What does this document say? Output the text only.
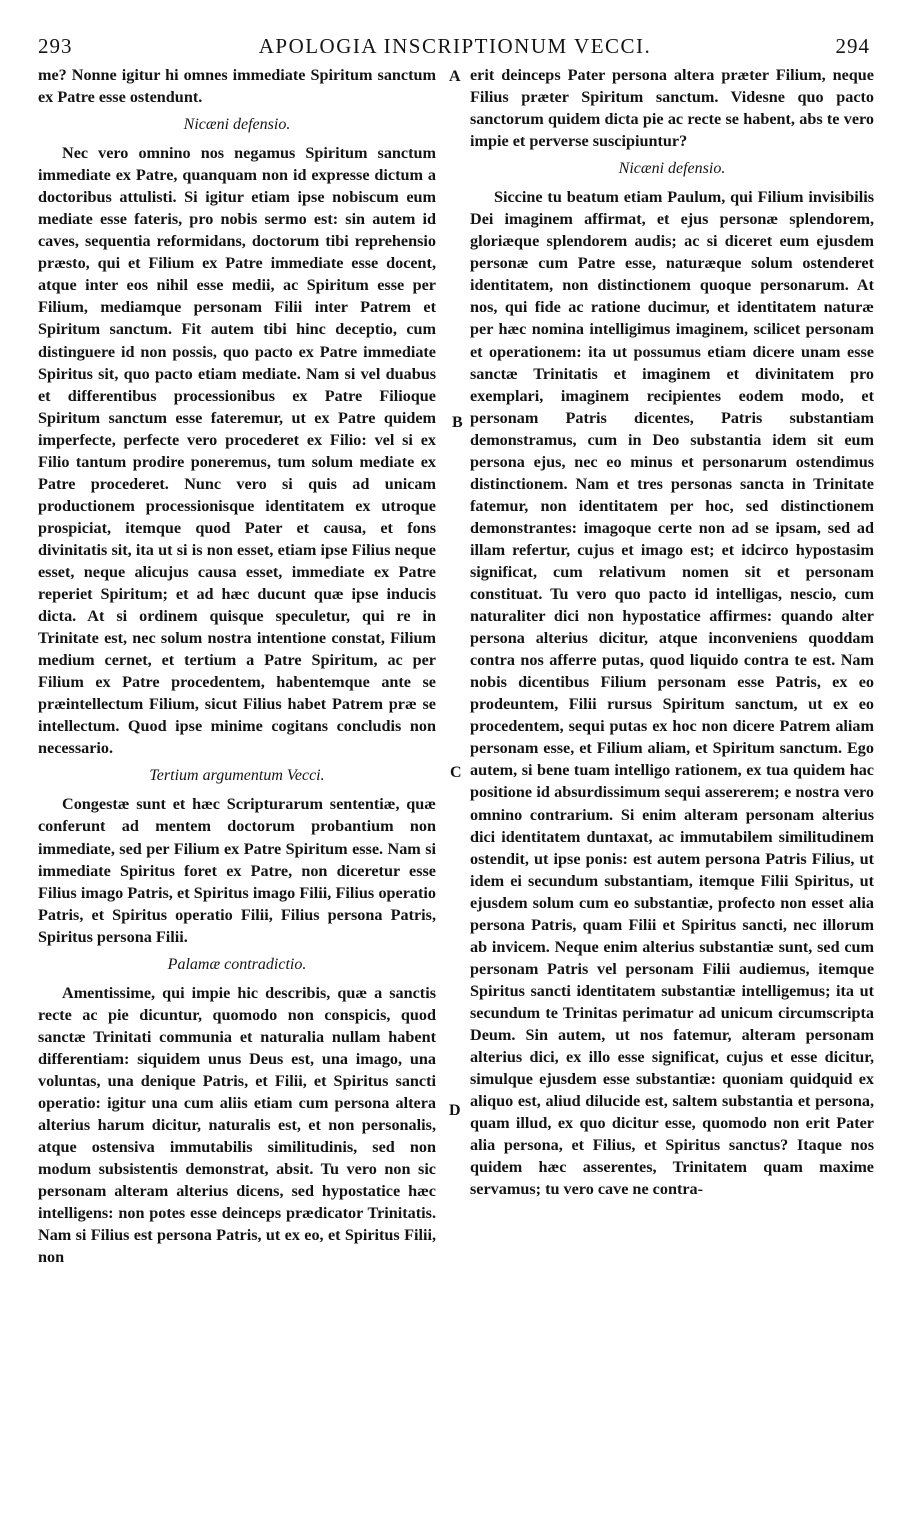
293	APOLOGIA INSCRIPTIONUM VECCI.	294
A
B
C
D

me? Nonne igitur hi omnes immediate Spiritum sanctum ex Patre esse ostendunt.

Nicæni defensio.

Nec vero omnino nos negamus Spiritum sanctum immediate ex Patre, quanquam non id expresse dictum a doctoribus attulisti. Si igitur etiam ipse nobiscum eum mediate esse fateris, pro nobis sermo est: sin autem id caves, sequentia reformidans, doctorum tibi reprehensio præsto, qui et Filium ex Patre immediate esse docent, atque inter eos nihil esse medii, ac Spiritum esse per Filium, mediamque personam Filii inter Patrem et Spiritum sanctum. Fit autem tibi hinc deceptio, cum distinguere id non possis, quo pacto ex Patre immediate Spiritus sit, quo pacto etiam mediate. Nam si vel duabus et differentibus processionibus ex Patre Filioque Spiritum sanctum esse fateremur, ut ex Patre quidem imperfecte, perfecte vero procederet ex Filio: vel si ex Filio tantum prodire poneremus, tum solum mediate ex Patre procederet. Nunc vero si quis ad unicam productionem processionisque identitatem ex utroque prospiciat, itemque quod Pater et causa, et fons divinitatis sit, ita ut si is non esset, etiam ipse Filius neque esset, neque alicujus causa esset, immediate ex Patre reperiet Spiritum; et ad hæc ducunt quæ ipse inducis dicta. At si ordinem quisque speculetur, qui re in Trinitate est, nec solum nostra intentione constat, Filium medium cernet, et tertium a Patre Spiritum, ac per Filium ex Patre procedentem, habentemque ante se præintellectum Filium, sicut Filius habet Patrem præ se intellectum. Quod ipse minime cogitans concludis non necessario.

Tertium argumentum Vecci.

Congestæ sunt et hæc Scripturarum sententiæ, quæ conferunt ad mentem doctorum probantium non immediate, sed per Filium ex Patre Spiritum esse. Nam si immediate Spiritus foret ex Patre, non diceretur esse Filius imago Patris, et Spiritus imago Filii, Filius operatio Patris, et Spiritus operatio Filii, Filius persona Patris, Spiritus persona Filii.

Palamæ contradictio.

Amentissime, qui impie hic describis, quæ a sanctis recte ac pie dicuntur, quomodo non conspicis, quod sanctæ Trinitati communia et naturalia nullam habent differentiam: siquidem unus Deus est, una imago, una voluntas, una denique Patris, et Filii, et Spiritus sancti operatio: igitur una cum aliis etiam cum persona altera alterius harum dicitur, naturalis est, et non personalis, atque ostensiva immutabilis similitudinis, sed non modum subsistentis demonstrat, absit. Tu vero non sic personam alteram alterius dicens, sed hypostatice hæc intelligens: non potes esse deinceps prædicator Trinitatis. Nam si Filius est persona Patris, ut ex eo, et Spiritus Filii, non

erit deinceps Pater persona altera præter Filium, neque Filius præter Spiritum sanctum. Videsne quo pacto sanctorum quidem dicta pie ac recte se habent, abs te vero impie et perverse suscipiuntur?

Nicæni defensio.

Siccine tu beatum etiam Paulum, qui Filium invisibilis Dei imaginem affirmat, et ejus personæ splendorem, gloriæque splendorem audis; ac si diceret eum ejusdem personæ cum Patre esse, naturæque solum ostenderet identitatem, non distinctionem quoque personarum. At nos, qui fide ac ratione ducimur, et identitatem naturæ per hæc nomina intelligimus imaginem, scilicet personam et operationem: ita ut possumus etiam dicere unam esse sanctæ Trinitatis et imaginem et divinitatem pro exemplari, imaginem recipientes eodem modo, et personam Patris dicentes, Patris substantiam demonstramus, cum in Deo substantia idem sit eum persona ejus, nec eo minus et personarum ostendimus distinctionem. Nam et tres personas sancta in Trinitate fatemur, non identitatem per hoc, sed distinctionem demonstrantes: imagoque certe non ad se ipsam, sed ad illam refertur, cujus et imago est; et idcirco hypostasim significat, cum relativum nomen sit et personam constituat. Tu vero quo pacto id intelligas, nescio, cum naturaliter dici non hypostatice affirmes: quando alter persona alterius dicitur, atque inconveniens quoddam contra nos afferre putas, quod liquido contra te est. Nam nobis dicentibus Filium personam esse Patris, ex eo prodeuntem, Filii rursus Spiritum sanctum, ut ex eo procedentem, sequi putas ex hoc non dicere Patrem aliam personam esse, et Filium aliam, et Spiritum sanctum. Ego autem, si bene tuam intelligo rationem, ex tua quidem hac positione id absurdissimum sequi assererem; e nostra vero omnino contrarium. Si enim alteram personam alterius dici identitatem duntaxat, ac immutabilem similitudinem ostendit, ut ipse ponis: est autem persona Patris Filius, ut idem ei secundum substantiam, itemque Filii Spiritus, ut ejusdem solum cum eo substantiæ, profecto non esset alia persona Patris, quam Filii et Spiritus sancti, nec illorum ab invicem. Neque enim alterius substantiæ sunt, sed cum personam Patris vel personam Filii audiemus, itemque Spiritus sancti identitatem substantiæ intelligemus; ita ut secundum te Trinitas perimatur ad unicum circumscripta Deum. Sin autem, ut nos fatemur, alteram personam alterius dici, ex illo esse significat, cujus et esse dicitur, simulque ejusdem esse substantiæ: quoniam quidquid ex aliquo est, aliud dilucide est, saltem substantia et persona, quam illud, ex quo dicitur esse, quomodo non erit Pater alia persona, et Filius, et Spiritus sanctus? Itaque nos quidem hæc asserentes, Trinitatem quam maxime servamus; tu vero cave ne contra-
